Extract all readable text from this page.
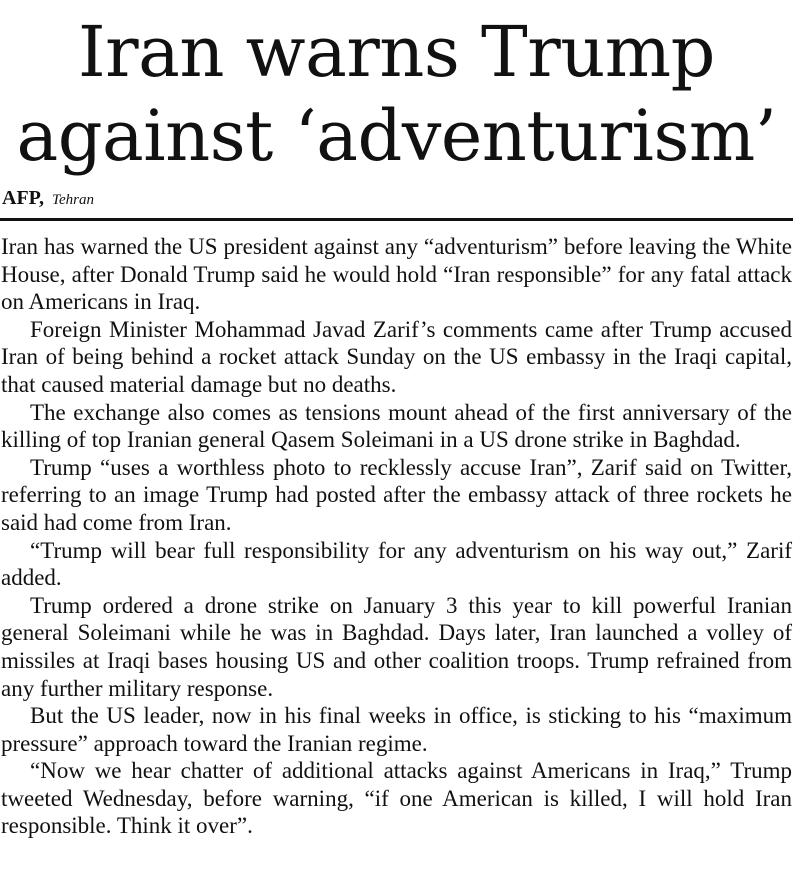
Iran warns Trump
against ‘adventurism’
AFP, Tehran

Iran has warned the US president against any “adventurism” before leaving the White House, after Donald Trump said he would hold “Iran responsible” for any fatal attack on Americans in Iraq.

Foreign Minister Mohammad Javad Zarif’s comments came after Trump accused Iran of being behind a rocket attack Sunday on the US embassy in the Iraqi capital, that caused material damage but no deaths.

The exchange also comes as tensions mount ahead of the first anniversary of the killing of top Iranian general Qasem Soleimani in a US drone strike in Baghdad.

Trump “uses a worthless photo to recklessly accuse Iran”, Zarif said on Twitter, referring to an image Trump had posted after the embassy attack of three rockets he said had come from Iran.

“Trump will bear full responsibility for any adventurism on his way out,” Zarif added.

Trump ordered a drone strike on January 3 this year to kill powerful Iranian general Soleimani while he was in Baghdad. Days later, Iran launched a volley of missiles at Iraqi bases housing US and other coalition troops. Trump refrained from any further military response.

But the US leader, now in his final weeks in office, is sticking to his “maximum pressure” approach toward the Iranian regime.

“Now we hear chatter of additional attacks against Americans in Iraq,” Trump tweeted Wednesday, before warning, “if one American is killed, I will hold Iran responsible. Think it over”.
